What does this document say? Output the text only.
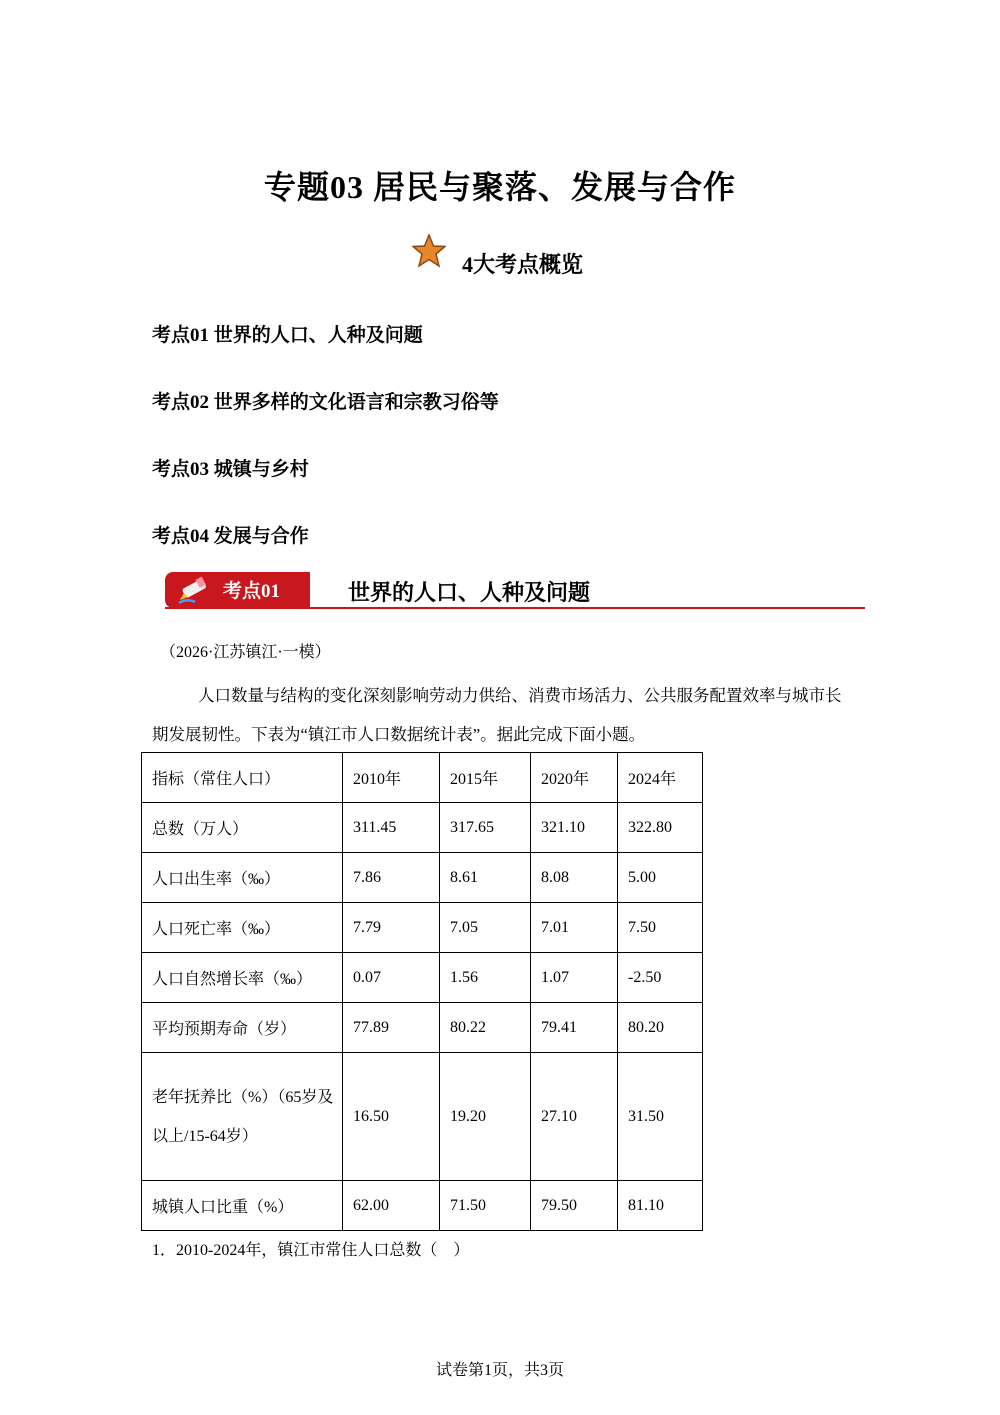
专题03 居民与聚落、发展与合作
4大考点概览
考点01 世界的人口、人种及问题
考点02 世界多样的文化语言和宗教习俗等
考点03 城镇与乡村
考点04 发展与合作
考点01	世界的人口、人种及问题
（2026·江苏镇江·一模）
人口数量与结构的变化深刻影响劳动力供给、消费市场活力、公共服务配置效率与城市长期发展韧性。下表为“镇江市人口数据统计表”。据此完成下面小题。
指标（常住人口）	2010年	2015年	2020年	2024年
总数（万人）	311.45	317.65	321.10	322.80
人口出生率（‰）	7.86	8.61	8.08	5.00
人口死亡率（‰）	7.79	7.05	7.01	7.50
人口自然增长率（‰）	0.07	1.56	1.07	-2.50
平均预期寿命（岁）	77.89	80.22	79.41	80.20

老年抚养比（%）（65岁及以上/15-64岁）	16.50	19.20	27.10	31.50
城镇人口比重（%）	62.00	71.50	79.50	81.10
1．2010-2024年，镇江市常住人口总数（　）
试卷第1页，共3页
